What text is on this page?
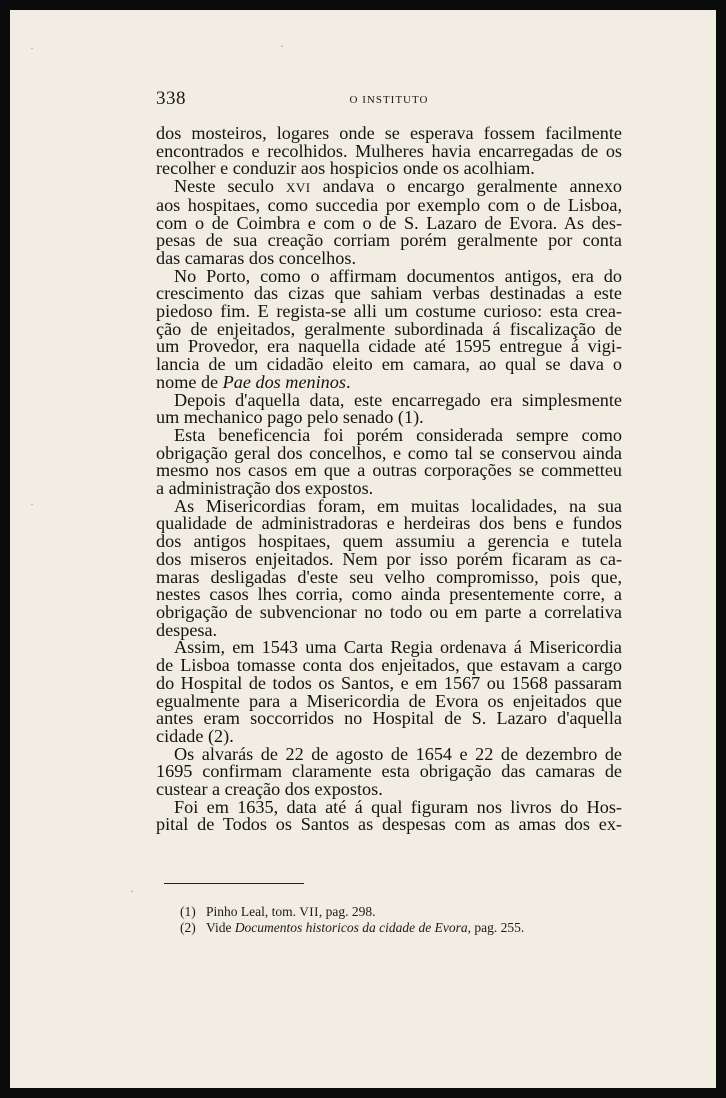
·
·
·
·
338	O INSTITUTO

dos mosteiros, logares onde se esperava fossem facilmente
encontrados e recolhidos. Mulheres havia encarregadas de os
recolher e conduzir aos hospicios onde os acolhiam.

Neste seculo XVI andava o encargo geralmente annexo
aos hospitaes, como succedia por exemplo com o de Lisboa,
com o de Coimbra e com o de S. Lazaro de Evora. As des-
pesas de sua creação corriam porém geralmente por conta
das camaras dos concelhos.

No Porto, como o affirmam documentos antigos, era do
crescimento das cizas que sahiam verbas destinadas a este
piedoso fim. E regista-se alli um costume curioso: esta crea-
ção de enjeitados, geralmente subordinada á fiscalização de
um Provedor, era naquella cidade até 1595 entregue á vigi-
lancia de um cidadão eleito em camara, ao qual se dava o
nome de Pae dos meninos.

Depois d'aquella data, este encarregado era simplesmente
um mechanico pago pelo senado (1).

Esta beneficencia foi porém considerada sempre como
obrigação geral dos concelhos, e como tal se conservou ainda
mesmo nos casos em que a outras corporações se commetteu
a administração dos expostos.

As Misericordias foram, em muitas localidades, na sua
qualidade de administradoras e herdeiras dos bens e fundos
dos antigos hospitaes, quem assumiu a gerencia e tutela
dos miseros enjeitados. Nem por isso porém ficaram as ca-
maras desligadas d'este seu velho compromisso, pois que,
nestes casos lhes corria, como ainda presentemente corre, a
obrigação de subvencionar no todo ou em parte a correlativa
despesa.

Assim, em 1543 uma Carta Regia ordenava á Misericordia
de Lisboa tomasse conta dos enjeitados, que estavam a cargo
do Hospital de todos os Santos, e em 1567 ou 1568 passaram
egualmente para a Misericordia de Evora os enjeitados que
antes eram soccorridos no Hospital de S. Lazaro d'aquella
cidade (2).

Os alvarás de 22 de agosto de 1654 e 22 de dezembro de
1695 confirmam claramente esta obrigação das camaras de
custear a creação dos expostos.

Foi em 1635, data até á qual figuram nos livros do Hos-
pital de Todos os Santos as despesas com as amas dos ex-

(1) Pinho Leal, tom. VII, pag. 298.
(2) Vide Documentos historicos da cidade de Evora, pag. 255.
